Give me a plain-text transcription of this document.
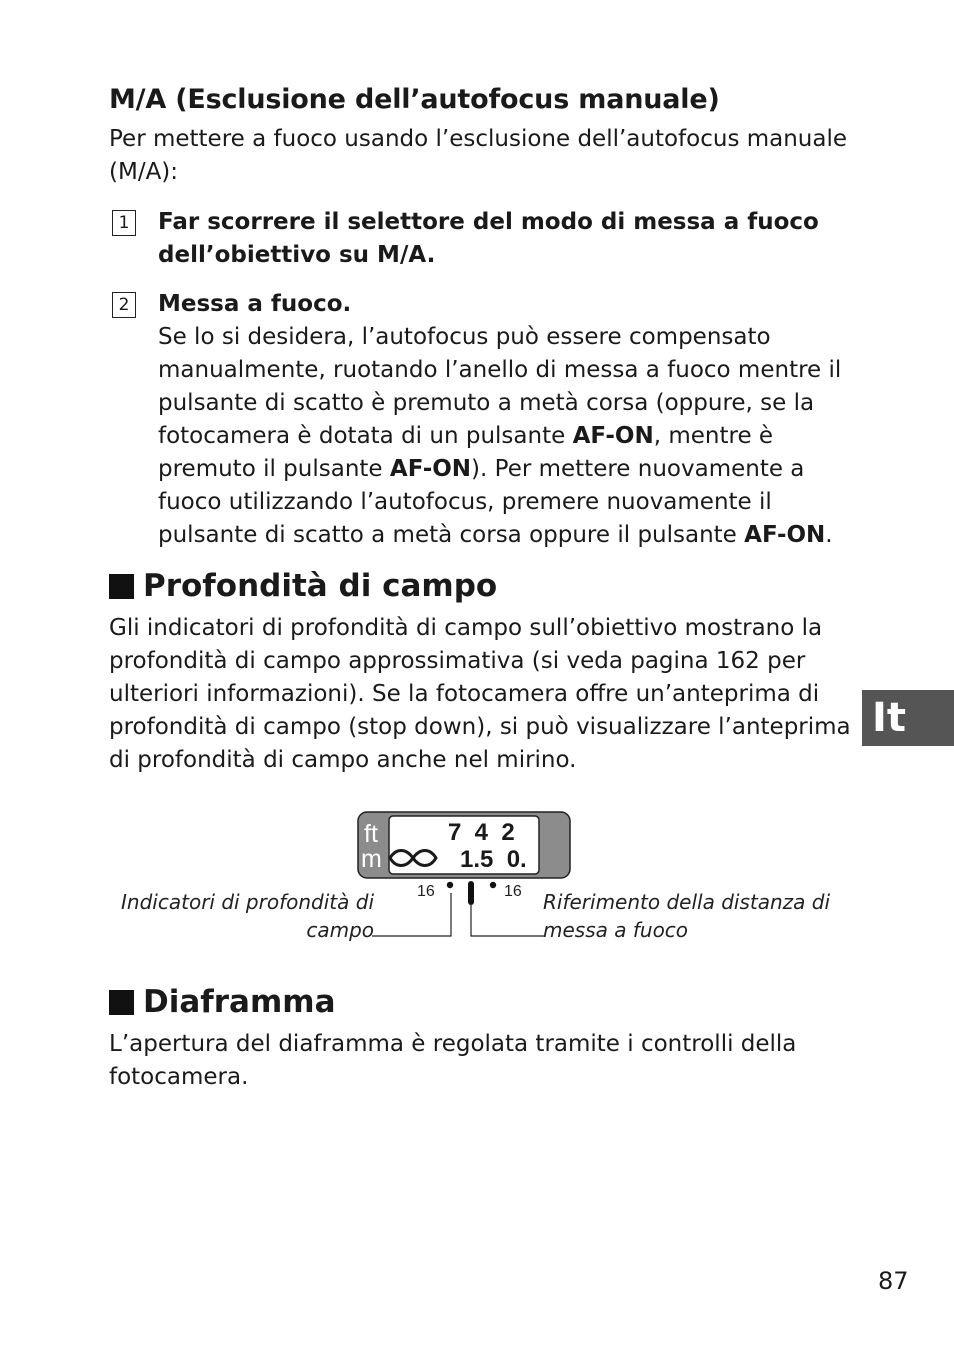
M/A (Esclusione dell’autofocus manuale)
Per mettere a fuoco usando l’esclusione dell’autofocus manuale
(M/A):
1 Far scorrere il selettore del modo di messa a fuoco
dell’obiettivo su M/A.
2 Messa a fuoco.
Se lo si desidera, l’autofocus può essere compensato
manualmente, ruotando l’anello di messa a fuoco mentre il
pulsante di scatto è premuto a metà corsa (oppure, se la
fotocamera è dotata di un pulsante AF-ON, mentre è
premuto il pulsante AF-ON). Per mettere nuovamente a
fuoco utilizzando l’autofocus, premere nuovamente il
pulsante di scatto a metà corsa oppure il pulsante AF-ON.
Profondità di campo
Gli indicatori di profondità di campo sull’obiettivo mostrano la
profondità di campo approssimativa (si veda pagina 162 per
ulteriori informazioni). Se la fotocamera offre un’anteprima di
profondità di campo (stop down), si può visualizzare l’anteprima
di profondità di campo anche nel mirino.
It
ft
m
7  4  2
1.5  0.
16	16
Indicatori di profondità di
campo
Riferimento della distanza di
messa a fuoco
Diaframma
L’apertura del diaframma è regolata tramite i controlli della
fotocamera.
87
